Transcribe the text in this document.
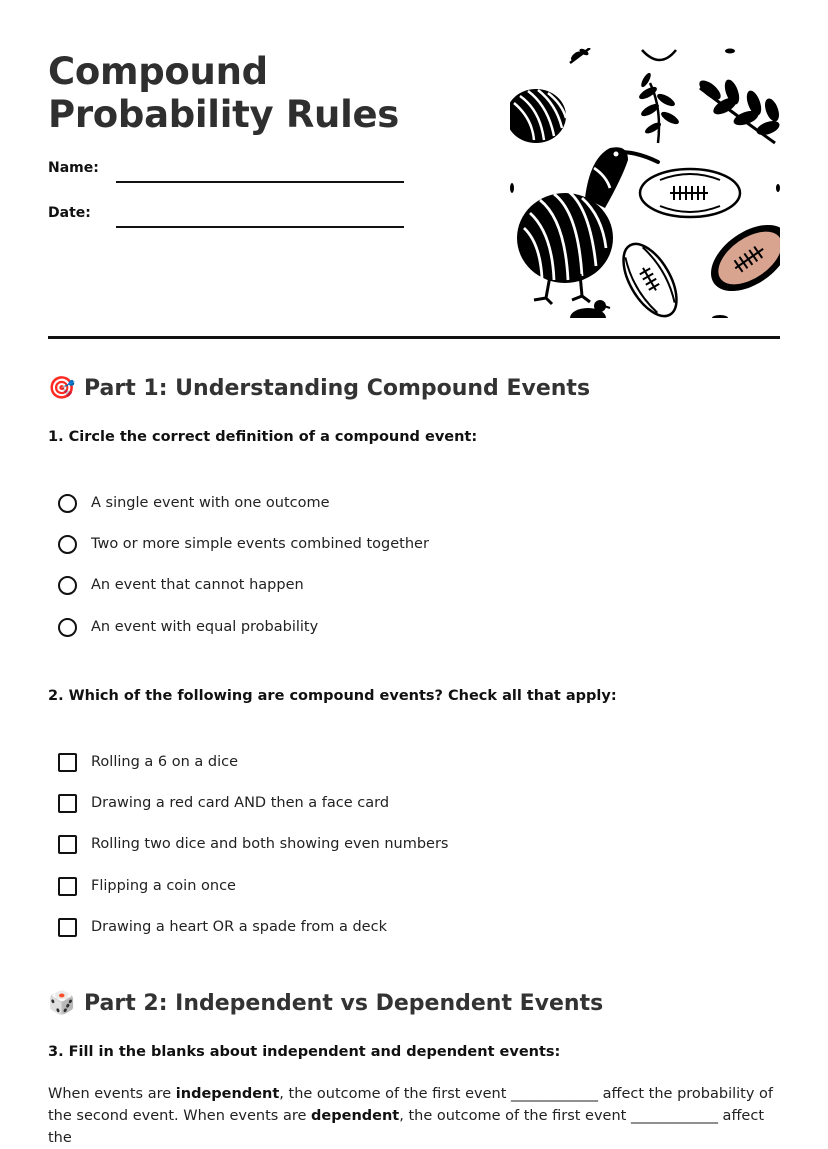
Compound Probability Rules
Name:
Date:
🎯 Part 1: Understanding Compound Events
1. Circle the correct definition of a compound event:
A single event with one outcome
Two or more simple events combined together
An event that cannot happen
An event with equal probability
2. Which of the following are compound events? Check all that apply:
Rolling a 6 on a dice
Drawing a red card AND then a face card
Rolling two dice and both showing even numbers
Flipping a coin once
Drawing a heart OR a spade from a deck
🎲 Part 2: Independent vs Dependent Events
3. Fill in the blanks about independent and dependent events:
When events are independent, the outcome of the first event ____________ affect the probability of the second event. When events are dependent, the outcome of the first event ____________ affect the
